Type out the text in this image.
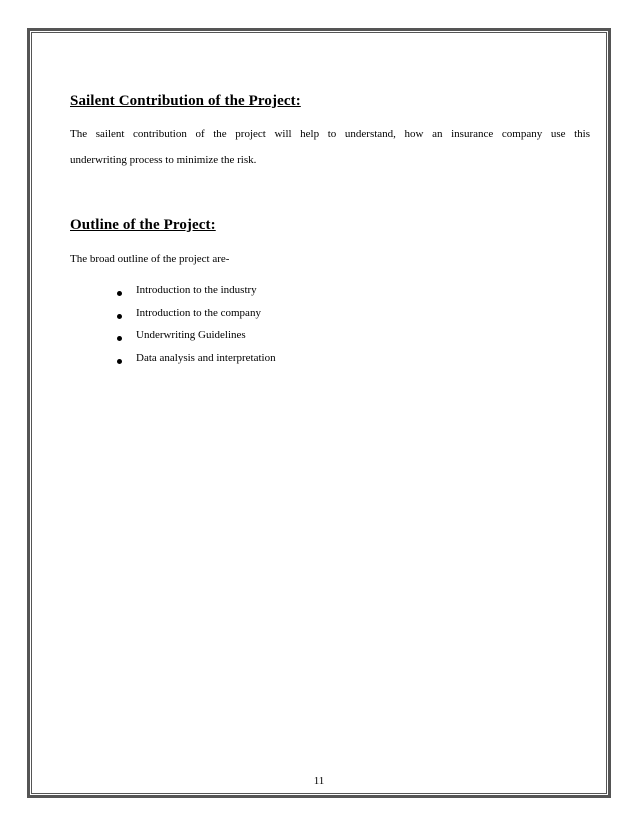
Sailent Contribution of the Project:
The sailent contribution of the project will help to understand, how an insurance company use this
underwriting process to minimize the risk.
Outline of the Project:
The broad outline of the project are-
Introduction to the industry
Introduction to the company
Underwriting Guidelines
Data analysis and interpretation
11
